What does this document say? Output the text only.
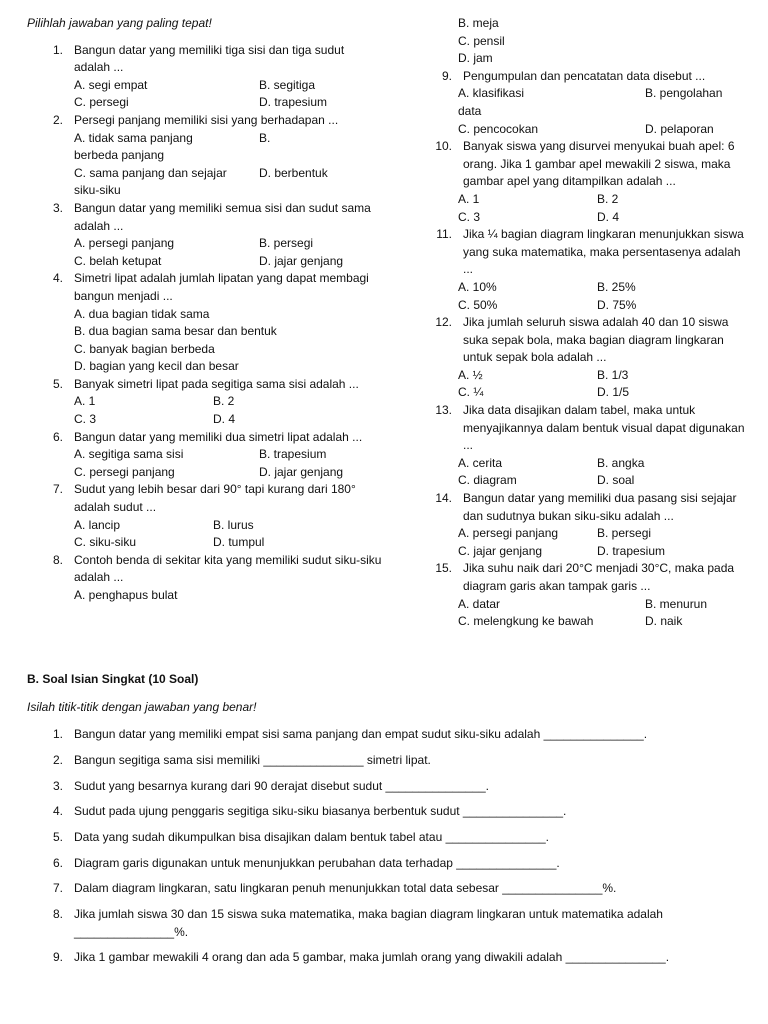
Pilihlah jawaban yang paling tepat!
1. Bangun datar yang memiliki tiga sisi dan tiga sudut adalah ...
A. segi empat	B. segitiga
C. persegi	D. trapesium
2. Persegi panjang memiliki sisi yang berhadapan ...
A. tidak sama panjang	B. berbeda panjang
C. sama panjang dan sejajar	D. berbentuk siku-siku
3. Bangun datar yang memiliki semua sisi dan sudut sama adalah ...
A. persegi panjang	B. persegi
C. belah ketupat	D. jajar genjang
4. Simetri lipat adalah jumlah lipatan yang dapat membagi bangun menjadi ...
A. dua bagian tidak sama
B. dua bagian sama besar dan bentuk
C. banyak bagian berbeda
D. bagian yang kecil dan besar
5. Banyak simetri lipat pada segitiga sama sisi adalah ...
A. 1	B. 2
C. 3	D. 4
6. Bangun datar yang memiliki dua simetri lipat adalah ...
A. segitiga sama sisi	B. trapesium
C. persegi panjang	D. jajar genjang
7. Sudut yang lebih besar dari 90° tapi kurang dari 180° adalah sudut ...
A. lancip	B. lurus
C. siku-siku	D. tumpul
8. Contoh benda di sekitar kita yang memiliki sudut siku-siku adalah ...
A. penghapus bulat
B. meja
C. pensil
D. jam
9. Pengumpulan dan pencatatan data disebut ...
A. klasifikasi	B. pengolahan
data
C. pencocokan	D. pelaporan
10. Banyak siswa yang disurvei menyukai buah apel: 6 orang. Jika 1 gambar apel mewakili 2 siswa, maka gambar apel yang ditampilkan adalah ...
A. 1	B. 2
C. 3	D. 4
11. Jika ¼ bagian diagram lingkaran menunjukkan siswa yang suka matematika, maka persentasenya adalah ...
A. 10%	B. 25%
C. 50%	D. 75%
12. Jika jumlah seluruh siswa adalah 40 dan 10 siswa suka sepak bola, maka bagian diagram lingkaran untuk sepak bola adalah ...
A. ½	B. 1/3
C. ¼	D. 1/5
13. Jika data disajikan dalam tabel, maka untuk menyajikannya dalam bentuk visual dapat digunakan ...
A. cerita	B. angka
C. diagram	D. soal
14. Bangun datar yang memiliki dua pasang sisi sejajar dan sudutnya bukan siku-siku adalah ...
A. persegi panjang	B. persegi
C. jajar genjang	D. trapesium
15. Jika suhu naik dari 20°C menjadi 30°C, maka pada diagram garis akan tampak garis ...
A. datar	B. menurun
C. melengkung ke bawah	D. naik
B. Soal Isian Singkat (10 Soal)
Isilah titik-titik dengan jawaban yang benar!
1. Bangun datar yang memiliki empat sisi sama panjang dan empat sudut siku-siku adalah _______________.
2. Bangun segitiga sama sisi memiliki _______________ simetri lipat.
3. Sudut yang besarnya kurang dari 90 derajat disebut sudut _______________.
4. Sudut pada ujung penggaris segitiga siku-siku biasanya berbentuk sudut _______________.
5. Data yang sudah dikumpulkan bisa disajikan dalam bentuk tabel atau _______________.
6. Diagram garis digunakan untuk menunjukkan perubahan data terhadap _______________.
7. Dalam diagram lingkaran, satu lingkaran penuh menunjukkan total data sebesar _______________%.
8. Jika jumlah siswa 30 dan 15 siswa suka matematika, maka bagian diagram lingkaran untuk matematika adalah _______________%.
9. Jika 1 gambar mewakili 4 orang dan ada 5 gambar, maka jumlah orang yang diwakili adalah _______________.
